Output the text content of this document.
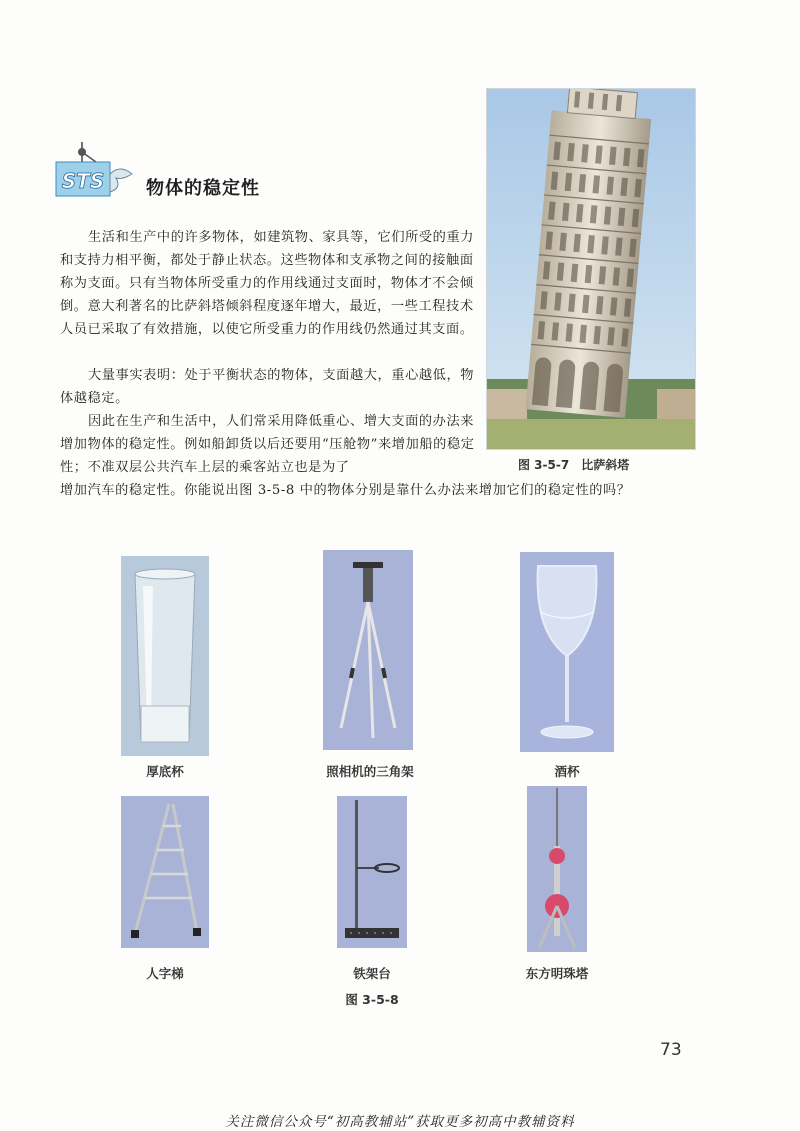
STS 物体的稳定性

生活和生产中的许多物体，如建筑物、家具等，它们所受的重力和支持力相平衡，都处于静止状态。这些物体和支承物之间的接触面称为支面。只有当物体所受重力的作用线通过支面时，物体才不会倾倒。意大利著名的比萨斜塔倾斜程度逐年增大，最近，一些工程技术人员已采取了有效措施，以使它所受重力的作用线仍然通过其支面。

大量事实表明：处于平衡状态的物体，支面越大，重心越低，物体越稳定。

因此在生产和生活中，人们常采用降低重心、增大支面的办法来增加物体的稳定性。例如船卸货以后还要用“压舱物”来增加船的稳定性；不准双层公共汽车上层的乘客站立也是为了

增加汽车的稳定性。你能说出图 3-5-8 中的物体分别是靠什么办法来增加它们的稳定性的吗？

图 3-5-7　比萨斜塔
厚底杯	照相机的三角架	酒杯
人字梯	铁架台	东方明珠塔
图 3-5-8
73
关注微信公众号“初高教辅站”获取更多初高中教辅资料
